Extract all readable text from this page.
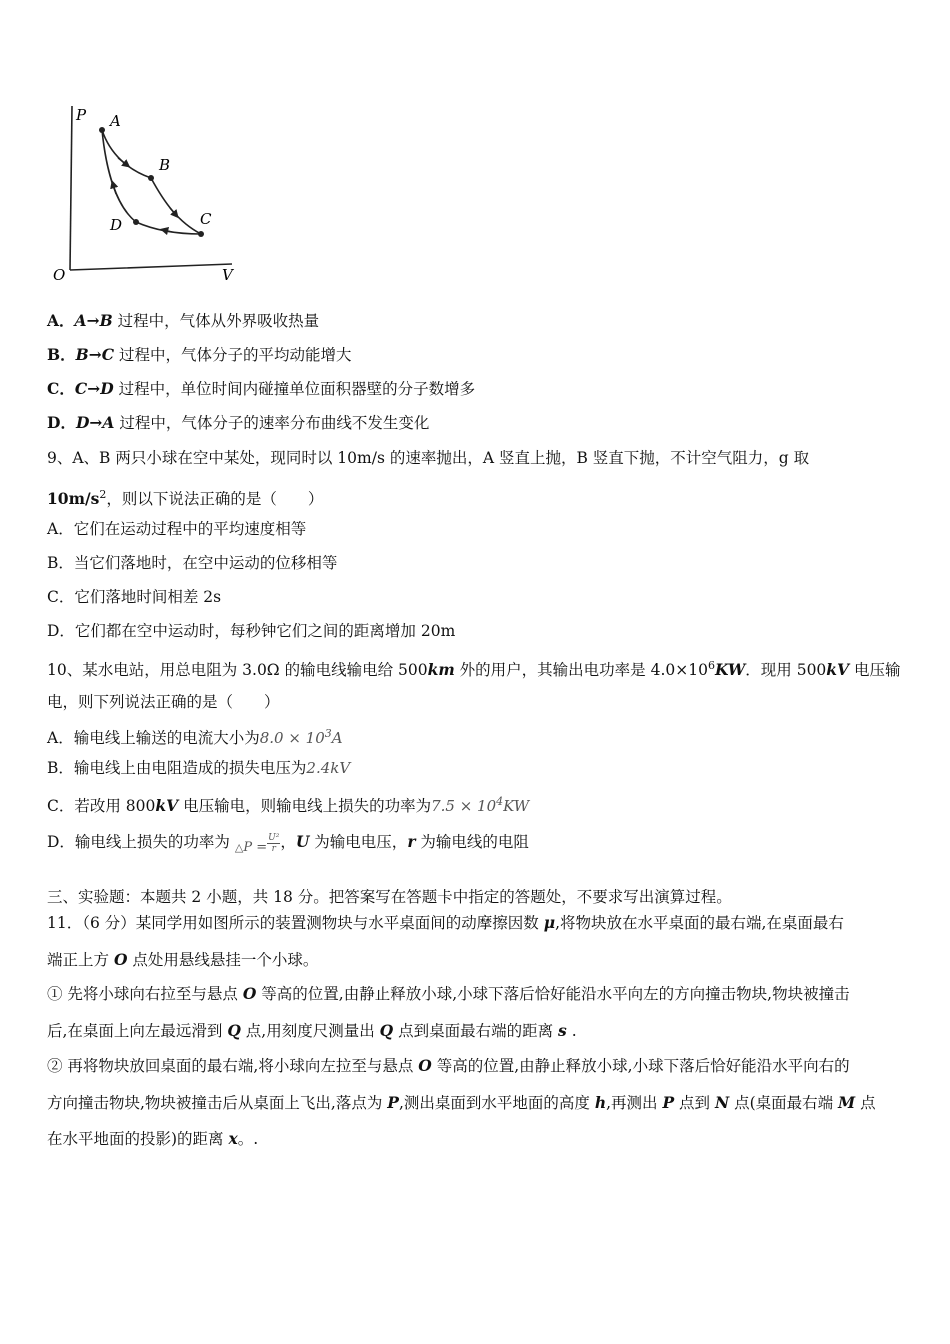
P
V
O
A
B
C
D
A．A→B 过程中，气体从外界吸收热量
B．B→C 过程中，气体分子的平均动能增大
C．C→D 过程中，单位时间内碰撞单位面积器壁的分子数增多
D．D→A 过程中，气体分子的速率分布曲线不发生变化
9、A、B 两只小球在空中某处，现同时以 10m/s 的速率抛出，A 竖直上抛，B 竖直下抛，不计空气阻力，g 取
$10m/s^2$，则以下说法正确的是（　　）
A．它们在运动过程中的平均速度相等
B．当它们落地时，在空中运动的位移相等
C．它们落地时间相差 2s
D．它们都在空中运动时，每秒钟它们之间的距离增加 20m
10、某水电站，用总电阻为 3.0Ω 的输电线输电给 500km 外的用户，其输出电功率是 $4.0\times 10^6KW$．现用 500kV 电压输
电，则下列说法正确的是（　　）
A．输电线上输送的电流大小为$8.0 \times 10^3A$
B．输电线上由电阻造成的损失电压为2.4kV
C．若改用 800kV 电压输电，则输电线上损失的功率为$7.5 \times 10^4KW$
D．输电线上损失的功率为 $_{\triangle P =} \frac{\text{U²}}{r}$ ，U 为输电电压，r 为输电线的电阻
三、实验题：本题共 2 小题，共 18 分。把答案写在答题卡中指定的答题处，不要求写出演算过程。
11．（6 分）某同学用如图所示的装置测物块与水平桌面间的动摩擦因数 μ,将物块放在水平桌面的最右端,在桌面最右
端正上方 O 点处用悬线悬挂一个小球。
① 先将小球向右拉至与悬点 O 等高的位置,由静止释放小球,小球下落后恰好能沿水平向左的方向撞击物块,物块被撞击
后,在桌面上向左最远滑到 Q 点,用刻度尺测量出 Q 点到桌面最右端的距离 s .
② 再将物块放回桌面的最右端,将小球向左拉至与悬点 O 等高的位置,由静止释放小球,小球下落后恰好能沿水平向右的
方向撞击物块,物块被撞击后从桌面上飞出,落点为 P,测出桌面到水平地面的高度 h,再测出 P 点到 N 点(桌面最右端 M 点
在水平地面的投影)的距离 x。.
